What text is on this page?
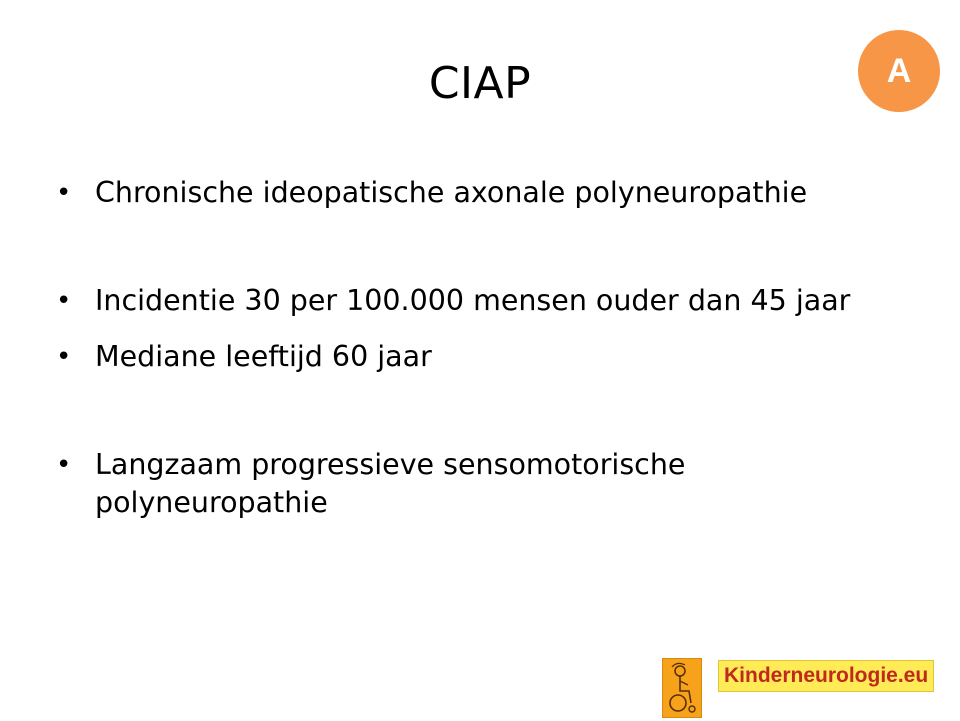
CIAP	A
• Chronische ideopatische axonale polyneuropathie
• Incidentie 30 per 100.000 mensen ouder dan 45 jaar
• Mediane leeftijd 60 jaar
• Langzaam progressieve sensomotorische polyneuropathie
Kinderneurologie.eu
